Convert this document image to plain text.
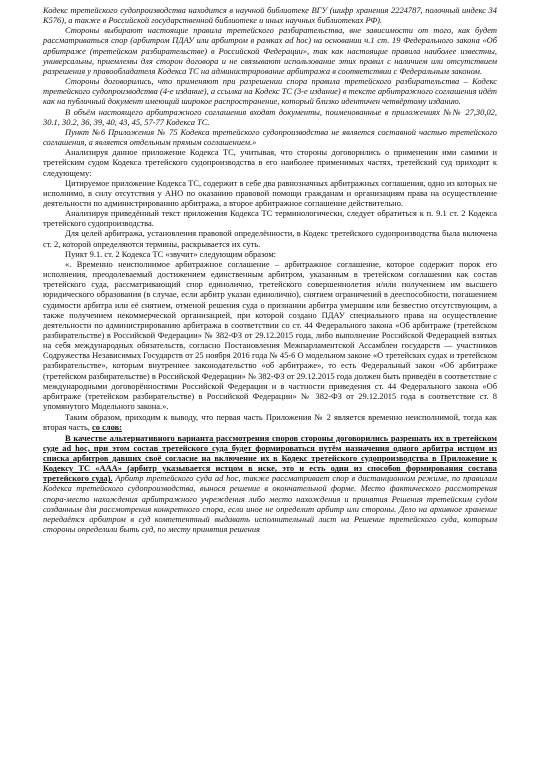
Кодекс третейского судопроизводства находится в научной библиотеке ВГУ (шифр хранения 2224787, полочный индекс 34 К576), а также в Российской государственной библиотеке и иных научных библиотеках РФ).

Стороны выбирают настоящие правила третейского разбирательства, вне зависимости от того, как будет рассматриваться спор (арбитром ПДАУ или арбитром в рамках ad hoc) на основании ч.1 ст. 19 Федерального закона «Об арбитраже (третейском разбирательстве) в Российской Федерации», так как настоящие правила наиболее известны, универсальны, приемлемы для сторон договора и не связывают использование этих правил с наличием или отсутствием разрешения у правообладателя Кодекса ТС на администрирование арбитража в соответствии с Федеральным законом.

Стороны договорились, что применяют при разрешении спора правила третейского разбирательства – Кодекс третейского судопроизводства (4-е издание), а ссылка на Кодекс ТС (3-е издание) в тексте арбитражного соглашения идёт как на публичный документ имеющий широкое распространение, который близко идентичен четвёртому изданию.

В объём настоящего арбитражного соглашения входят документы, поименованные в приложениях №№ 27,30,02, 30.1, 30.2, 36, 39, 40, 43, 45, 57-77 Кодекса ТС.

Пункт №6 Приложения № 75 Кодекса третейского судопроизводства не является составной частью третейского соглашения, а является отдельным прямым соглашением.»

Анализируя данное приложение Кодекса ТС, учитывая, что стороны договорились о применении ими самими и третейским судом Кодекса третейского судопроизводства в его наиболее применимых частях, третейский суд приходит к следующему:

Цитируемое приложение Кодекса ТС, содержит в себе два равнозначных арбитражных соглашения, одно из которых не исполнимо, в силу отсутствия у АНО по оказанию правовой помощи гражданам и организациям права на осуществление деятельности по администрированию арбитража, а второе арбитражное соглашение действительно.

Анализируя приведённый текст приложения Кодекса ТС терминологически, следует обратиться к п. 9.1 ст. 2 Кодекса третейского судопроизводства.

Для целей арбитража, установления правовой определённости, в Кодекс третейского судопроизводства была включена ст. 2, которой определяются термины, раскрывается их суть.

Пункт 9.1. ст. 2 Кодекса ТС «звучит» следующим образом:

«. Временно неисполнимое арбитражное соглашение – арбитражное соглашение, которое содержит порок его исполнения, преодолеваемый достижением единственным арбитром, указанным в третейском соглашении как состав третейского суда, рассматривающий спор единолично, третейского совершеннолетия и/или получением им высшего юридического образования (в случае, если арбитр указан единолично), снятием ограничений в дееспособности, погашением судимости арбитра или её снятием, отменой решения суда о признании арбитра умершим или безвестно отсутствующим, а также получением некоммерческой организацией, при которой создано ПДАУ специального права на осуществление деятельности по администрированию арбитража в соответствии со ст. 44 Федерального закона «Об арбитраже (третейском разбирательстве) в Российской Федерации» № 382-ФЗ от 29.12.2015 года, либо выполнение Российской Федерацией взятых на себя международных обязательств, согласно Постановления Межпарламентской Ассамблеи государств — участников Содружества Независимых Государств от 25 ноября 2016 года № 45-6 О модельном законе «О третейских судах и третейском разбирательстве», которым внутреннее законодательство «об арбитраже», то есть Федеральный закон «Об арбитраже (третейском разбирательстве) в Российской Федерации» № 382-ФЗ от 29.12.2015 года должен быть приведён в соответствие с международными договорённостями Российской Федерации и в частности приведения ст. 44 Федерального закона «Об арбитраже (третейском разбирательстве) в Российской Федерации» № 382-ФЗ от 29.12.2015 года в соответствие ст. 8 упомянутого Модельного закона.».

Таким образом, приходим к выводу, что первая часть Приложения № 2 является временно неисполнимой, тогда как вторая часть, со слов:

В качестве альтернативного варианта рассмотрения споров стороны договорились разрешать их в третейском суде ad hoc, при этом состав третейского суда будет формироваться путём назначения одного арбитра истцом из списка арбитров давших своё согласие на включение их в Кодекс третейского судопроизводства в Приложение к Кодексу ТС «ААА» (арбитр указывается истцом в иске, это и есть один из способов формирования состава третейского суда). Арбитр третейского суда ad hoc, также рассматривает спор в дистанционном режиме, по правилам Кодекса третейского судопроизводства, вынося решение в окончательной форме. Место фактического рассмотрения спора-место нахождения арбитражного учреждения либо место нахождения и принятия Решения третейским судом созданным для рассмотрения конкретного спора, если иное не определит арбитр или стороны. Дело на архивное хранение передаётся арбитром в суд компетентный выдавать исполнительный лист на Решение третейского суда, которым стороны определили быть суд, по месту принятия решения
